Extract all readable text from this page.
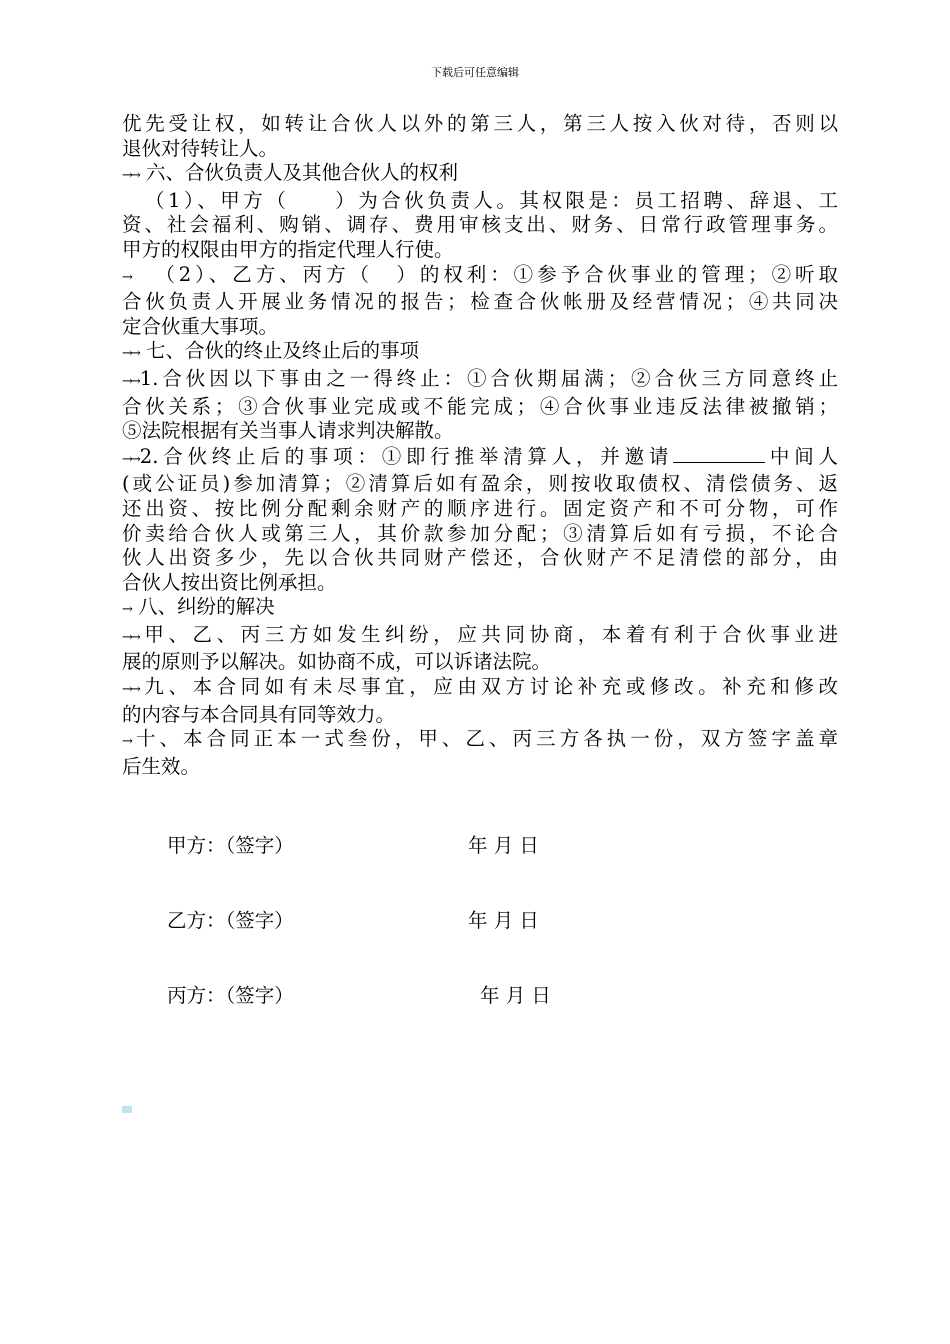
下载后可任意编辑

优先受让权，如转让合伙人以外的第三人，第三人按入伙对待，否则以

退伙对待转让人。

→→ 六、合伙负责人及其他合伙人的权利

 （1）、甲方（　　）为合伙负责人。其权限是：员工招聘、辞退、工

资、社会福利、购销、调存、费用审核支出、财务、日常行政管理事务。

甲方的权限由甲方的指定代理人行使。

→  （2）、乙方、丙方（　）的权利：①参予合伙事业的管理；②听取

合伙负责人开展业务情况的报告；检查合伙帐册及经营情况；④共同决

定合伙重大事项。

→→ 七、合伙的终止及终止后的事项

→→ 1.合伙因以下事由之一得终止：①合伙期届满；②合伙三方同意终止

合伙关系；③合伙事业完成或不能完成；④合伙事业违反法律被撤销；

⑤法院根据有关当事人请求判决解散。

→→ 2.合伙终止后的事项：①即行推举清算人，并邀请	中间人

(或公证员)参加清算；②清算后如有盈余，则按收取债权、清偿债务、返

还出资、按比例分配剩余财产的顺序进行。固定资产和不可分物，可作

价卖给合伙人或第三人，其价款参加分配；③清算后如有亏损，不论合

伙人出资多少，先以合伙共同财产偿还，合伙财产不足清偿的部分，由

合伙人按出资比例承担。

→ 八、纠纷的解决

→→ 甲、乙、丙三方如发生纠纷，应共同协商，本着有利于合伙事业进

展的原则予以解决。如协商不成，可以诉诸法院。

→→ 九、本合同如有未尽事宜，应由双方讨论补充或修改。补充和修改

的内容与本合同具有同等效力。

→ 十、本合同正本一式叁份，甲、乙、丙三方各执一份，双方签字盖章

后生效。

甲方：（签字）	年 月 日
乙方：（签字）	年 月 日
丙方：（签字）	年 月 日
